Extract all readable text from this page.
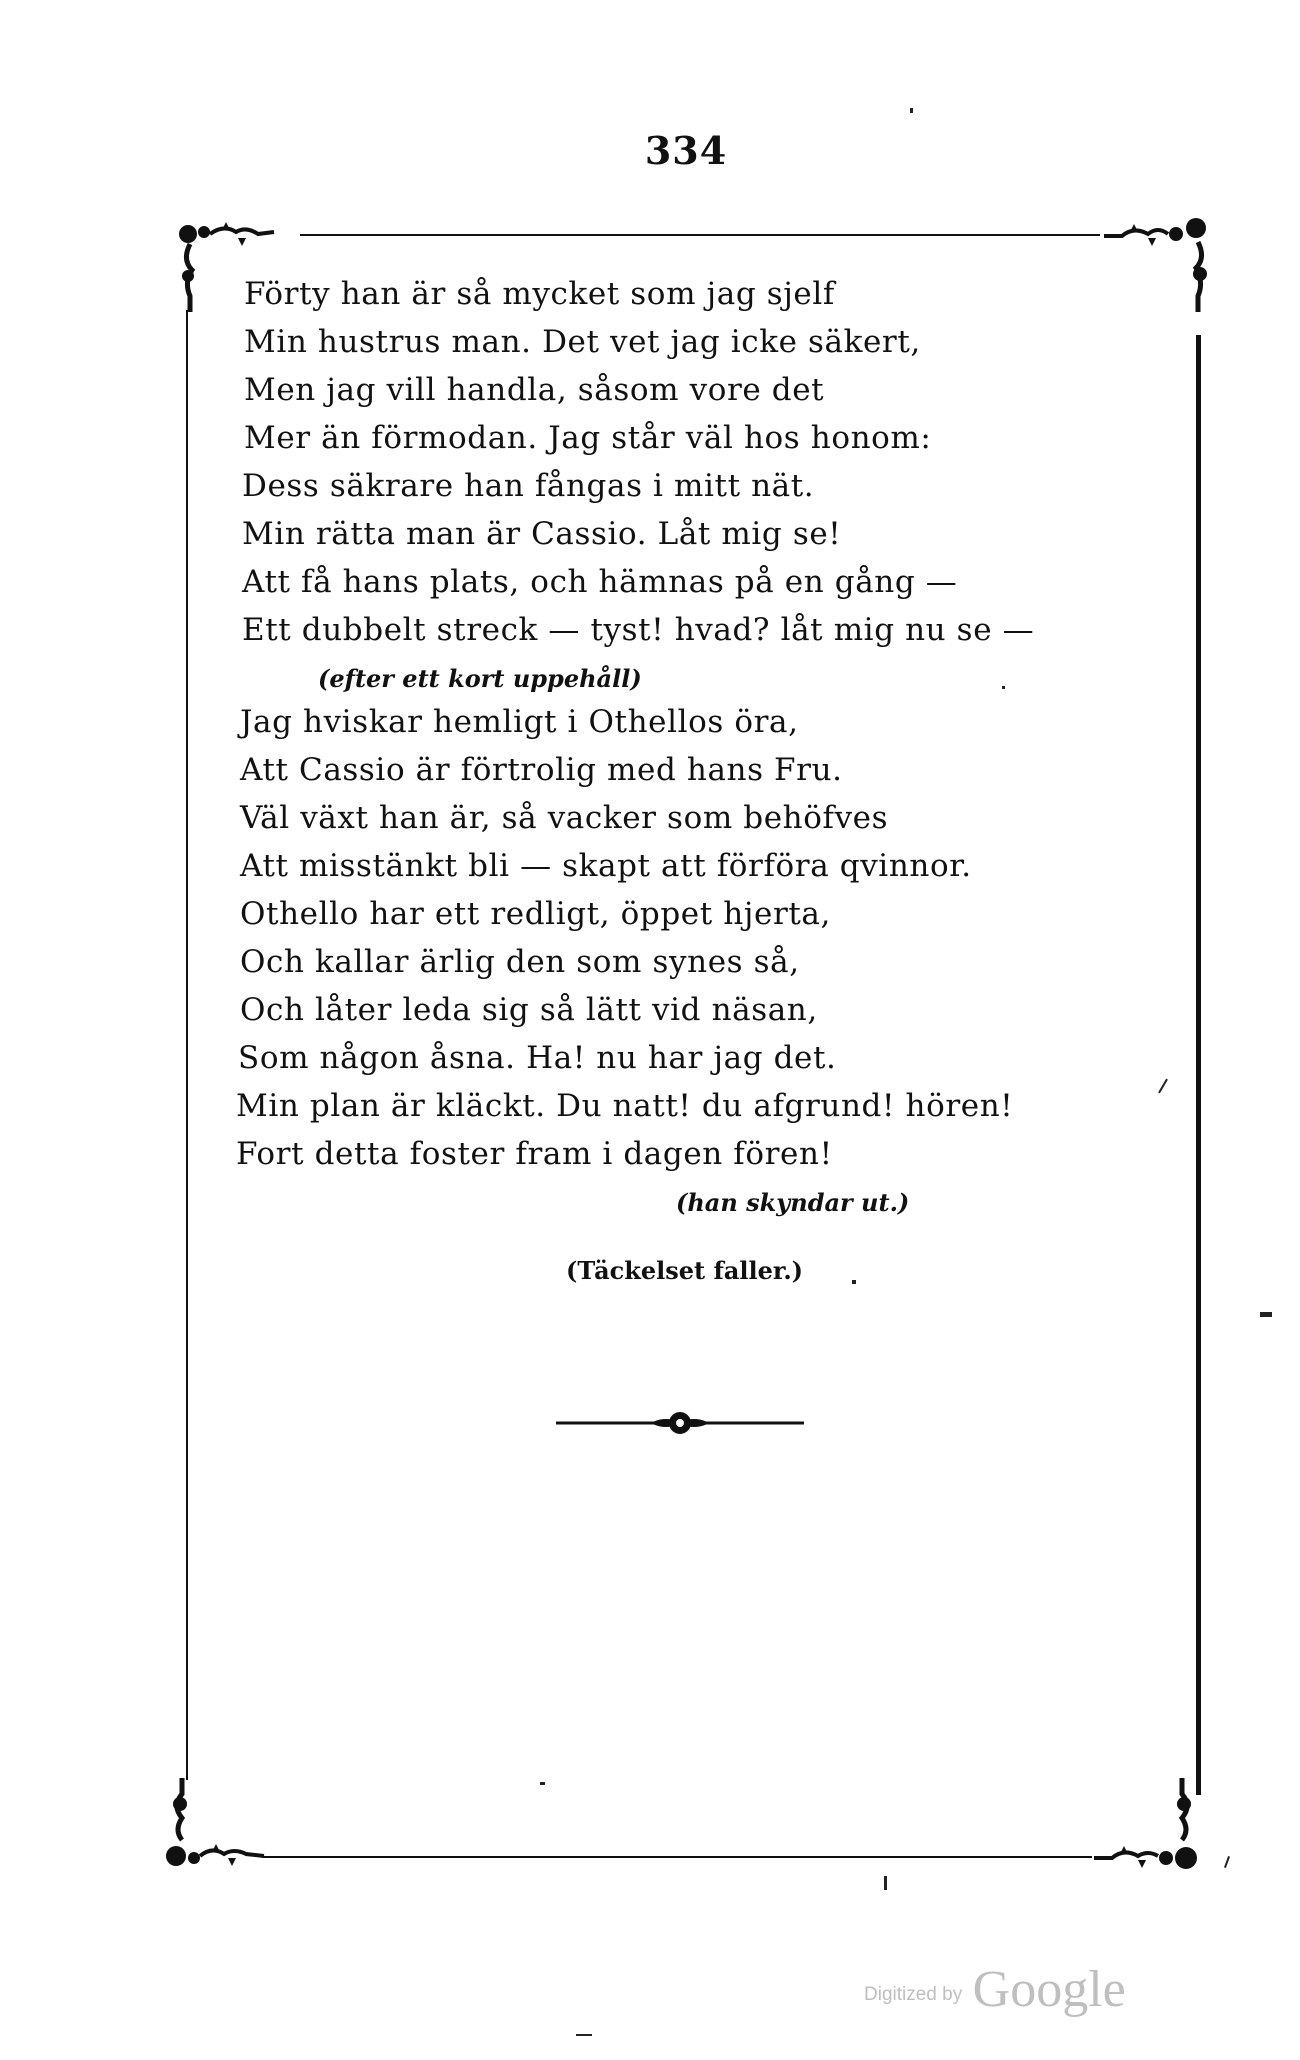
334
Förty han är så mycket som jag sjelf
Min hustrus man. Det vet jag icke säkert,
Men jag vill handla, såsom vore det
Mer än förmodan. Jag står väl hos honom:
Dess säkrare han fångas i mitt nät.
Min rätta man är Cassio. Låt mig se!
Att få hans plats, och hämnas på en gång —
Ett dubbelt streck — tyst! hvad? låt mig nu se —
(efter ett kort uppehåll)
Jag hviskar hemligt i Othellos öra,
Att Cassio är förtrolig med hans Fru.
Väl växt han är, så vacker som behöfves
Att misstänkt bli — skapt att förföra qvinnor.
Othello har ett redligt, öppet hjerta,
Och kallar ärlig den som synes så,
Och låter leda sig så lätt vid näsan,
Som någon åsna. Ha! nu har jag det.
Min plan är kläckt. Du natt! du afgrund! hören!
Fort detta foster fram i dagen fören!
(han skyndar ut.)
(Täckelset faller.)
Digitized by Google
